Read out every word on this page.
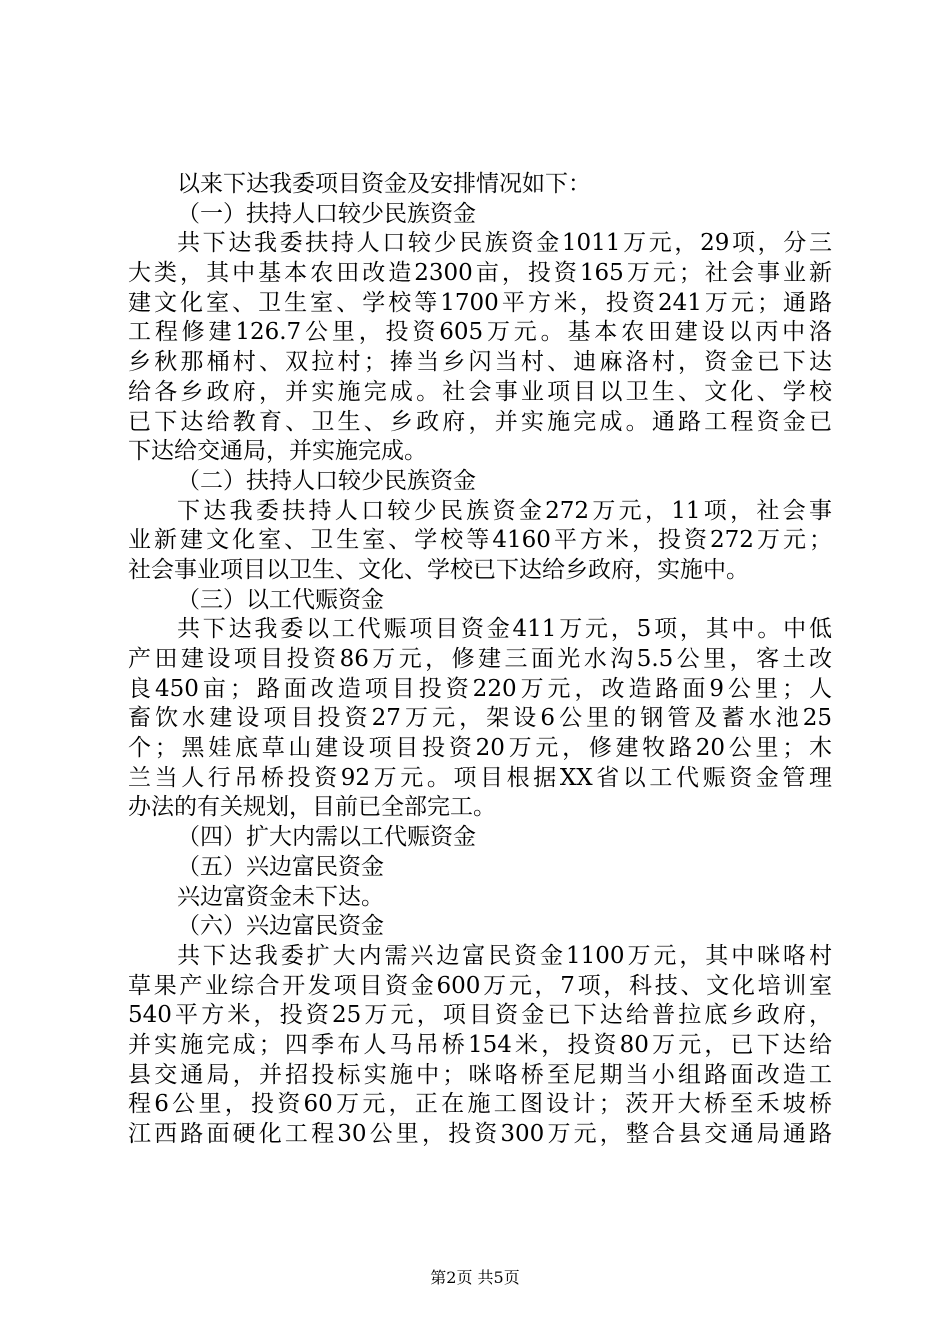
以来下达我委项目资金及安排情况如下：
（一）扶持人口较少民族资金
共下达我委扶持人口较少民族资金1011万元，29项，分三
大类，其中基本农田改造2300亩，投资165万元；社会事业新
建文化室、卫生室、学校等1700平方米，投资241万元；通路
工程修建126.7公里，投资605万元。基本农田建设以丙中洛
乡秋那桶村、双拉村；捧当乡闪当村、迪麻洛村，资金已下达
给各乡政府，并实施完成。社会事业项目以卫生、文化、学校
已下达给教育、卫生、乡政府，并实施完成。通路工程资金已
下达给交通局，并实施完成。
（二）扶持人口较少民族资金
下达我委扶持人口较少民族资金272万元，11项，社会事
业新建文化室、卫生室、学校等4160平方米，投资272万元；
社会事业项目以卫生、文化、学校已下达给乡政府，实施中。
（三）以工代赈资金
共下达我委以工代赈项目资金411万元，5项，其中。中低
产田建设项目投资86万元，修建三面光水沟5.5公里，客土改
良450亩；路面改造项目投资220万元，改造路面9公里；人
畜饮水建设项目投资27万元，架设6公里的钢管及蓄水池25
个；黑娃底草山建设项目投资20万元，修建牧路20公里；木
兰当人行吊桥投资92万元。项目根据XX省以工代赈资金管理
办法的有关规划，目前已全部完工。
（四）扩大内需以工代赈资金
（五）兴边富民资金
兴边富资金未下达。
（六）兴边富民资金
共下达我委扩大内需兴边富民资金1100万元，其中咪咯村
草果产业综合开发项目资金600万元，7项，科技、文化培训室
540平方米，投资25万元，项目资金已下达给普拉底乡政府，
并实施完成；四季布人马吊桥154米，投资80万元，已下达给
县交通局，并招投标实施中；咪咯桥至尼期当小组路面改造工
程6公里，投资60万元，正在施工图设计；茨开大桥至禾坡桥
江西路面硬化工程30公里，投资300万元，整合县交通局通路
第2页 共5页
